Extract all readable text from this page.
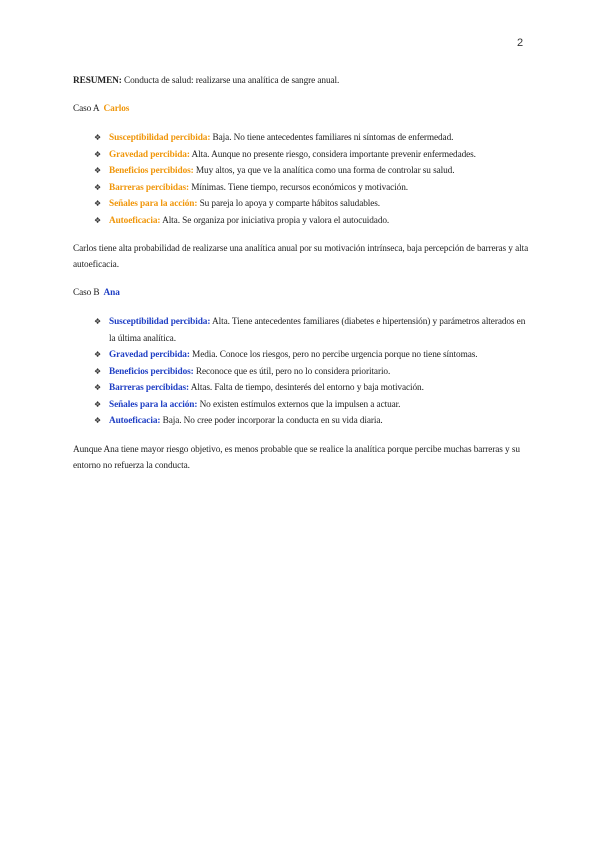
2

RESUMEN: Conducta de salud: realizarse una analítica de sangre anual.

Caso A Carlos

❖ Susceptibilidad percibida: Baja. No tiene antecedentes familiares ni síntomas de enfermedad.
❖ Gravedad percibida: Alta. Aunque no presente riesgo, considera importante prevenir enfermedades.
❖ Beneficios percibidos: Muy altos, ya que ve la analítica como una forma de controlar su salud.
❖ Barreras percibidas: Mínimas. Tiene tiempo, recursos económicos y motivación.
❖ Señales para la acción: Su pareja lo apoya y comparte hábitos saludables.
❖ Autoeficacia: Alta. Se organiza por iniciativa propia y valora el autocuidado.

Carlos tiene alta probabilidad de realizarse una analítica anual por su motivación intrínseca, baja percepción de barreras y alta autoeficacia.

Caso B Ana

❖ Susceptibilidad percibida: Alta. Tiene antecedentes familiares (diabetes e hipertensión) y parámetros alterados en la última analítica.
❖ Gravedad percibida: Media. Conoce los riesgos, pero no percibe urgencia porque no tiene síntomas.
❖ Beneficios percibidos: Reconoce que es útil, pero no lo considera prioritario.
❖ Barreras percibidas: Altas. Falta de tiempo, desinterés del entorno y baja motivación.
❖ Señales para la acción: No existen estímulos externos que la impulsen a actuar.
❖ Autoeficacia: Baja. No cree poder incorporar la conducta en su vida diaria.

Aunque Ana tiene mayor riesgo objetivo, es menos probable que se realice la analítica porque percibe muchas barreras y su entorno no refuerza la conducta.
